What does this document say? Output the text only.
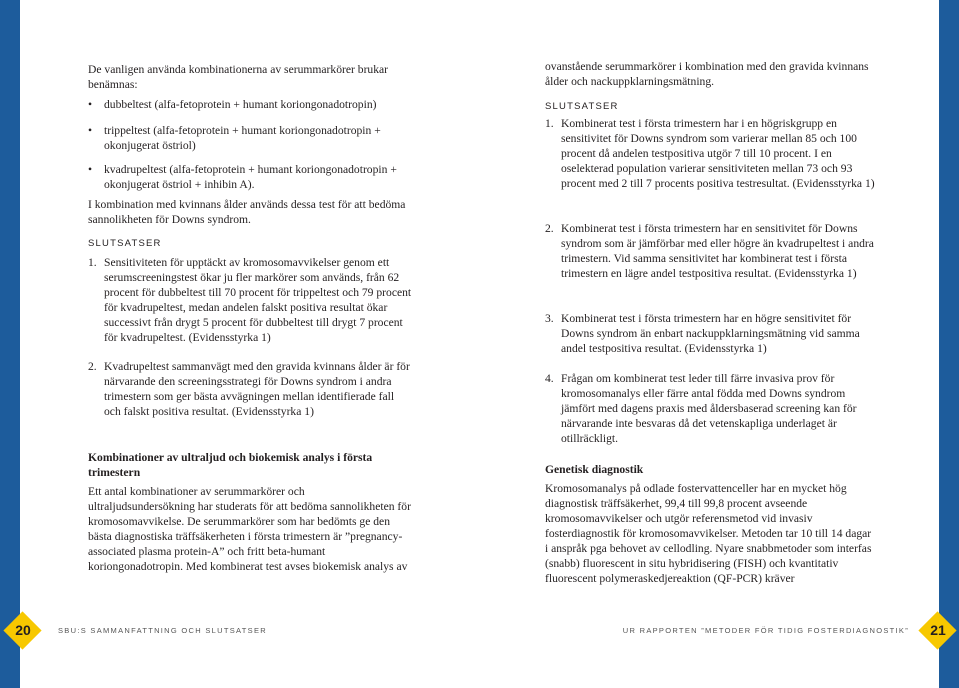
De vanligen använda kombinationerna av serummarkörer brukar benämnas:

• dubbeltest (alfa-fetoprotein + humant koriongonadotropin)
• trippeltest (alfa-fetoprotein + humant koriongonadotropin + okonjugerat östriol)
• kvadrupeltest (alfa-fetoprotein + humant koriongonadotropin + okonjugerat östriol + inhibin A).

I kombination med kvinnans ålder används dessa test för att bedöma sannolikheten för Downs syndrom.

SLUTSATSER
1. Sensitiviteten för upptäckt av kromosomavvikelser genom ett serumscreeningstest ökar ju fler markörer som används, från 62 procent för dubbeltest till 70 procent för trippeltest och 79 procent för kvadrupeltest, medan andelen falskt positiva resultat ökar successivt från drygt 5 procent för dubbeltest till drygt 7 procent för kvadrupeltest. (Evidensstyrka 1)
2. Kvadrupeltest sammanvägt med den gravida kvinnans ålder är för närvarande den screeningsstrategi för Downs syndrom i andra trimestern som ger bästa avvägningen mellan identifierade fall och falskt positiva resultat. (Evidensstyrka 1)
Kombinationer av ultraljud och biokemisk analys i första trimestern

Ett antal kombinationer av serummarkörer och ultraljudsundersökning har studerats för att bedöma sannolikheten för kromosomavvikelse. De serummarkörer som har bedömts ge den bästa diagnostiska träffsäkerheten i första trimestern är ”pregnancy-associated plasma protein-A” och fritt beta-humant koriongonadotropin. Med kombinerat test avses biokemisk analys av

ovanstående serummarkörer i kombination med den gravida kvinnans ålder och nackuppklarningsmätning.

SLUTSATSER
1. Kombinerat test i första trimestern har i en högriskgrupp en sensitivitet för Downs syndrom som varierar mellan 85 och 100 procent då andelen testpositiva utgör 7 till 10 procent. I en oselekterad population varierar sensitiviteten mellan 73 och 93 procent med 2 till 7 procents positiva testresultat. (Evidensstyrka 1)
2. Kombinerat test i första trimestern har en sensitivitet för Downs syndrom som är jämförbar med eller högre än kvadrupeltest i andra trimestern. Vid samma sensitivitet har kombinerat test i första trimestern en lägre andel testpositiva resultat. (Evidensstyrka 1)
3. Kombinerat test i första trimestern har en högre sensitivitet för Downs syndrom än enbart nackuppklarningsmätning vid samma andel testpositiva resultat. (Evidensstyrka 1)
4. Frågan om kombinerat test leder till färre invasiva prov för kromosomanalys eller färre antal födda med Downs syndrom jämfört med dagens praxis med åldersbaserad screening kan för närvarande inte besvaras då det vetenskapliga underlaget är otillräckligt.
Genetisk diagnostik

Kromosomanalys på odlade fostervattenceller har en mycket hög diagnostisk träffsäkerhet, 99,4 till 99,8 procent avseende kromosomavvikelser och utgör referensmetod vid invasiv fosterdiagnostik för kromosomavvikelser. Metoden tar 10 till 14 dagar i anspråk pga behovet av cellodling. Nyare snabbmetoder som interfas (snabb) fluorescent in situ hybridisering (FISH) och kvantitativ fluorescent polymeraskedjereaktion (QF-PCR) kräver

20	SBU:S SAMMANFATTNING OCH SLUTSATSER	UR RAPPORTEN ”METODER FÖR TIDIG FOSTERDIAGNOSTIK”	21
